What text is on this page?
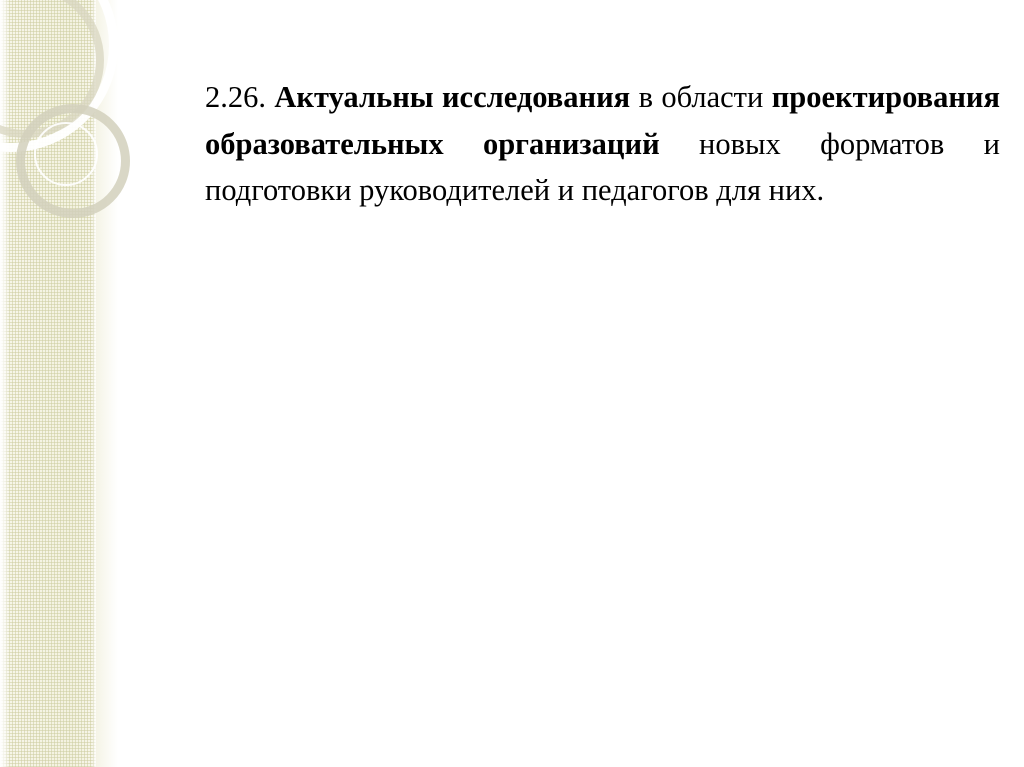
2.26. Актуальны исследования в области проектирования образовательных организаций новых форматов и подготовки руководителей и педагогов для них.
